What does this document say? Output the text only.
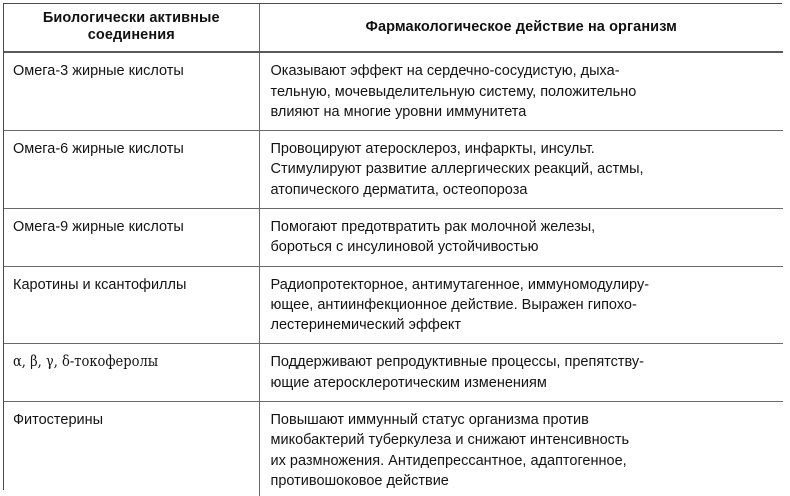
Биологически активные
соединения	Фармакологическое действие на организм

Омега-3 жирные кислоты	Оказывают эффект на сердечно-сосудистую, дыха-
тельную, мочевыделительную систему, положительно
влияют на многие уровни иммунитета

Омега-6 жирные кислоты	Провоцируют атеросклероз, инфаркты, инсульт.
Стимулируют развитие аллергических реакций, астмы,
атопического дерматита, остеопороза

Омега-9 жирные кислоты	Помогают предотвратить рак молочной железы,
бороться с инсулиновой устойчивостью

Каротины и ксантофиллы	Радиопротекторное, антимутагенное, иммуномодулиру-
ющее, антиинфекционное действие. Выражен гипохо-
лестеринемический эффект

α, β, γ, δ-токоферолы	Поддерживают репродуктивные процессы, препятству-
ющие атеросклеротическим изменениям

Фитостерины	Повышают иммунный статус организма против
микобактерий туберкулеза и снижают интенсивность
их размножения. Антидепрессантное, адаптогенное,
противошоковое действие
